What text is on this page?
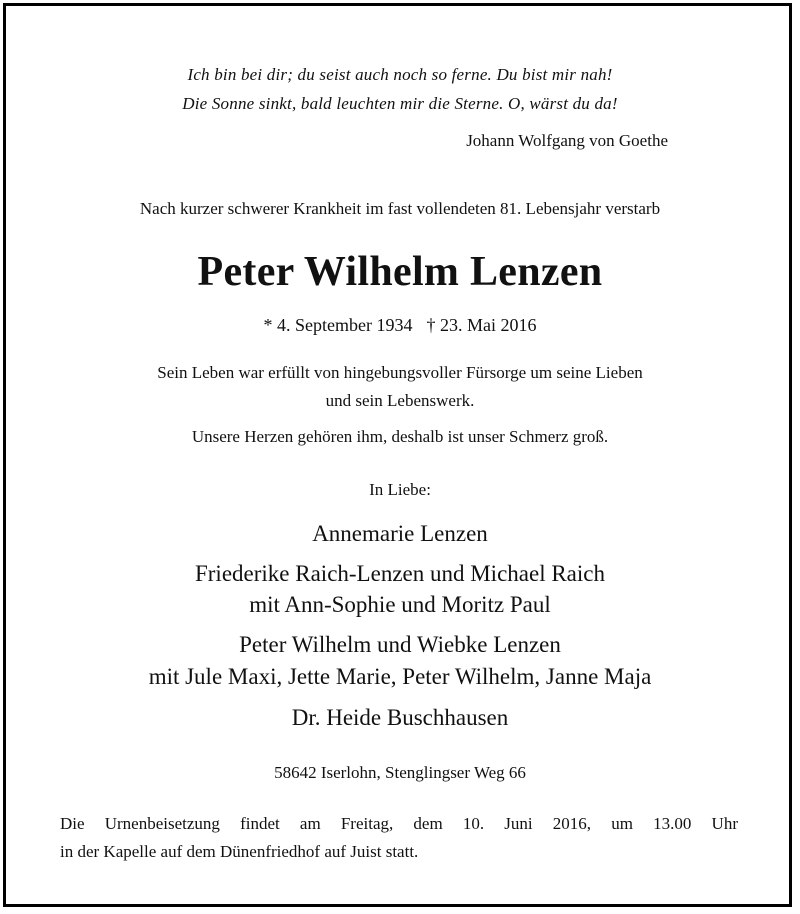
Ich bin bei dir; du seist auch noch so ferne. Du bist mir nah!
Die Sonne sinkt, bald leuchten mir die Sterne. O, wärst du da!
Johann Wolfgang von Goethe
Nach kurzer schwerer Krankheit im fast vollendeten 81. Lebensjahr verstarb
Peter Wilhelm Lenzen
* 4. September 1934 † 23. Mai 2016
Sein Leben war erfüllt von hingebungsvoller Fürsorge um seine Lieben
und sein Lebenswerk.
Unsere Herzen gehören ihm, deshalb ist unser Schmerz groß.
In Liebe:
Annemarie Lenzen
Friederike Raich-Lenzen und Michael Raich
mit Ann-Sophie und Moritz Paul
Peter Wilhelm und Wiebke Lenzen
mit Jule Maxi, Jette Marie, Peter Wilhelm, Janne Maja
Dr. Heide Buschhausen
58642 Iserlohn, Stenglingser Weg 66
Die Urnenbeisetzung findet am Freitag, dem 10. Juni 2016, um 13.00 Uhr
in der Kapelle auf dem Dünenfriedhof auf Juist statt.
